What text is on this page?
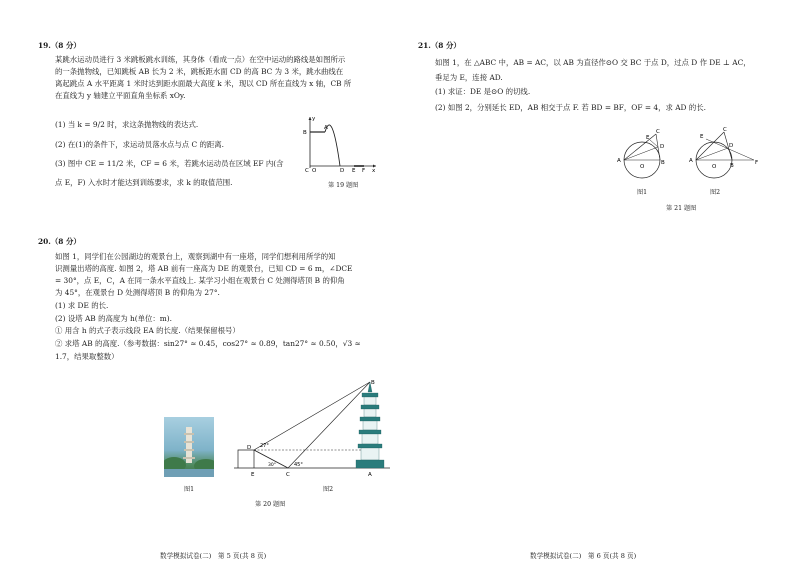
19.（8 分）
某跳水运动员进行 3 米跳板跳水训练，其身体（看成一点）在空中运动的路线是如图所示
的一条抛物线，已知跳板 AB 长为 2 米，跳板距水面 CD 的高 BC 为 3 米，跳水曲线在
离起跳点 A 水平距离 1 米时达到距水面最大高度 k 米，现以 CD 所在直线为 x 轴，CB 所
在直线为 y 轴建立平面直角坐标系 xOy.
(1) 当 k = 9/2 时，求这条抛物线的表达式.
(2) 在(1)的条件下，求运动员落水点与点 C 的距离.
(3) 图中 CE = 11/2 米，CF = 6 米，若跳水运动员在区域 EF 内(含
点 E，F) 入水时才能达到训练要求，求 k 的取值范围.
y
A
B
C O	D E F x
第 19 题图
20.（8 分）
如图 1，同学们在公园湖边的观景台上，观察到湖中有一座塔，同学们想利用所学的知
识测量出塔的高度. 如图 2，塔 AB 前有一座高为 DE 的观景台，已知 CD = 6 m，∠DCE
= 30°，点 E，C，A 在同一条水平直线上. 某学习小组在观景台 C 处测得塔顶 B 的仰角
为 45°，在观景台 D 处测得塔顶 B 的仰角为 27°.
(1) 求 DE 的长.
(2) 设塔 AB 的高度为 h(单位：m).
① 用含 h 的式子表示线段 EA 的长度.（结果保留根号）
② 求塔 AB 的高度.（参考数据：sin27° ≈ 0.45，cos27° ≈ 0.89，tan27° ≈ 0.50，√3 ≈
1.7，结果取整数）
图1
B
D
E	C	A
27°
30°	45°
图2
第 20 题图
数学模拟试卷(二)　第 5 页(共 8 页)
21.（8 分）
如图 1，在 △ABC 中，AB = AC，以 AB 为直径作⊙O 交 BC 于点 D，过点 D 作 DE ⊥ AC，
垂足为 E，连接 AD.
(1) 求证：DE 是⊙O 的切线.
(2) 如图 2，分别延长 ED，AB 相交于点 F. 若 BD = BF，OF = 4，求 AD 的长.
A	B
C
D
E
O
图1
A
B
C
D
E
F
O
图2
第 21 题图
数学模拟试卷(二)　第 6 页(共 8 页)
